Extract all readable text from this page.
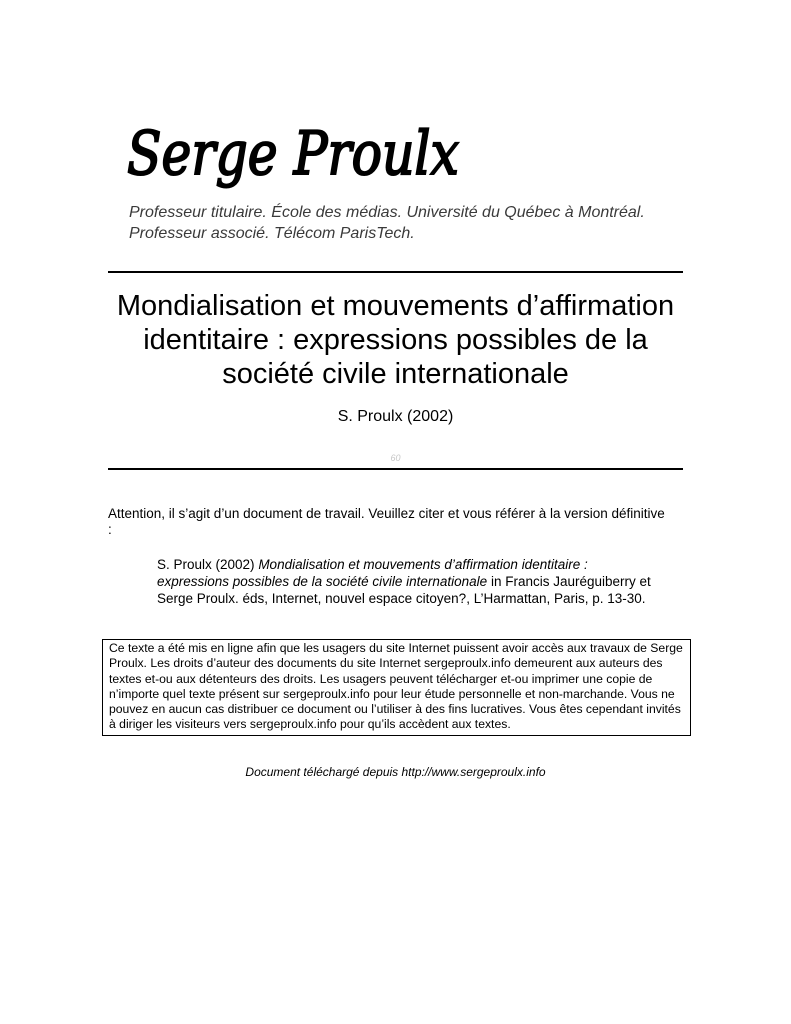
Serge Proulx
Professeur titulaire. École des médias. Université du Québec à Montréal.
Professeur associé. Télécom ParisTech.
Mondialisation et mouvements d’affirmation identitaire : expressions possibles de la société civile internationale
S. Proulx (2002)
60
Attention, il s’agit d’un document de travail. Veuillez citer et vous référer à la version définitive :
S. Proulx (2002) Mondialisation et mouvements d’affirmation identitaire : expressions possibles de la société civile internationale in Francis Jauréguiberry et Serge Proulx. éds, Internet, nouvel espace citoyen?, L’Harmattan, Paris, p. 13-30.
Ce texte a été mis en ligne afin que les usagers du site Internet puissent avoir accès aux travaux de Serge Proulx. Les droits d’auteur des documents du site Internet sergeproulx.info demeurent aux auteurs des textes et-ou aux détenteurs des droits. Les usagers peuvent télécharger et-ou imprimer une copie de n’importe quel texte présent sur sergeproulx.info pour leur étude personnelle et non-marchande. Vous ne pouvez en aucun cas distribuer ce document ou l’utiliser à des fins lucratives. Vous êtes cependant invités à diriger les visiteurs vers sergeproulx.info pour qu’ils accèdent aux textes.
Document téléchargé depuis http://www.sergeproulx.info
